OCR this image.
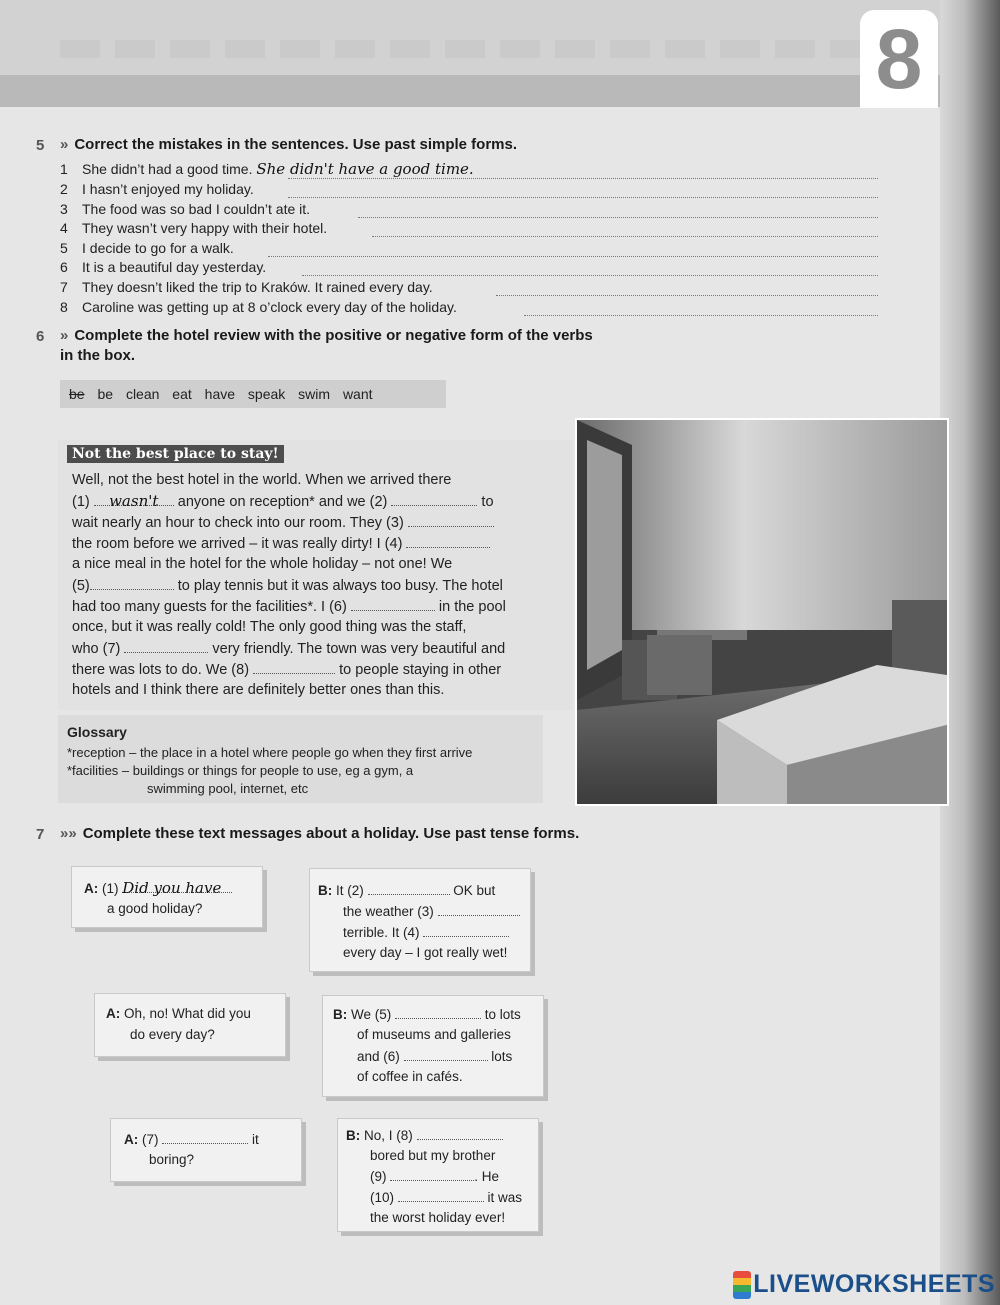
8
5 » Correct the mistakes in the sentences. Use past simple forms.
1 She didn’t had a good time. She didn't have a good time.
2 I hasn’t enjoyed my holiday.
3 The food was so bad I couldn’t ate it.
4 They wasn’t very happy with their hotel.
5 I decide to go for a walk.
6 It is a beautiful day yesterday.
7 They doesn’t liked the trip to Kraków. It rained every day.
8 Caroline was getting up at 8 o’clock every day of the holiday.
6 » Complete the hotel review with the positive or negative form of the verbs
in the box.
be be clean eat have speak swim want
Not the best place to stay!
Well, not the best hotel in the world. When we arrived there
(1) wasn't anyone on reception* and we (2)	to
wait nearly an hour to check into our room. They (3)
the room before we arrived – it was really dirty! I (4)
a nice meal in the hotel for the whole holiday – not one! We
(5)	to play tennis but it was always too busy. The hotel
had too many guests for the facilities*. I (6)	in the pool
once, but it was really cold! The only good thing was the staff,
who (7)	very friendly. The town was very beautiful and
there was lots to do. We (8)	to people staying in other
hotels and I think there are definitely better ones than this.
Glossary
*reception – the place in a hotel where people go when they first arrive
*facilities – buildings or things for people to use, eg a gym, a
swimming pool, internet, etc
7 »» Complete these text messages about a holiday. Use past tense forms.
A: (1) Did you have
a good holiday?
B: It (2)	OK but
the weather (3)
terrible. It (4)
every day – I got really wet!
A: Oh, no! What did you
do every day?
B: We (5)	to lots
of museums and galleries
and (6)	lots
of coffee in cafés.
A: (7)	it
boring?
B: No, I (8)
bored but my brother
(9)	. He
(10)	it was
the worst holiday ever!
LIVEWORKSHEETS
